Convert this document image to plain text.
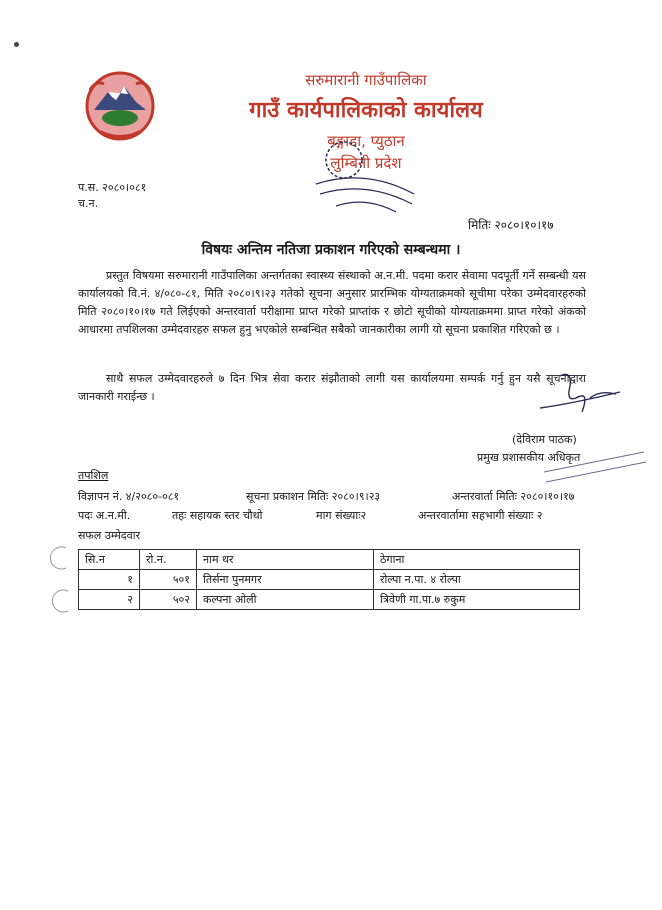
सरुमारानी गाउँपालिका
गाउँ कार्यपालिकाको कार्यालय
बङ्गाडा, प्युठान
लुम्बिनी प्रदेश
प.स. २०८०।०८१
च.न.
मितिः २०८०।१०।१७
विषयः अन्तिम नतिजा प्रकाशन गरिएको सम्बन्धमा ।
प्रस्तुत विषयमा सरुमारानी गाउँपालिका अन्तर्गतका स्वास्थ्य संस्थाको अ.न.मी. पदमा करार सेवामा पदपूर्ती गर्ने सम्बन्धी यस कार्यालयको वि.नं. ४/०८०-८१, मिति २०८०।९।२३ गतेको सूचना अनुसार प्रारम्भिक योग्यताक्रमको सूचीमा परेका उम्मेदवारहरुको मिति २०८०।१०।१७ गते लिईएको अन्तरवार्ता परीक्षामा प्राप्त गरेको प्राप्तांक र छोटो सूचीको योग्यताक्रममा प्राप्त गरेको अंकको आधारमा तपशिलका उम्मेदवारहरु सफल हुनु भएकोले सम्बन्धित सबैको जानकारीका लागी यो सूचना प्रकाशित गरिएको छ ।
साथै सफल उम्मेदवारहरुले ७ दिन भित्र सेवा करार संझौताको लागी यस कार्यालयमा सम्पर्क गर्नु हुन यसै सूचनाद्वारा जानकारी गराईन्छ ।
(देविराम पाठक)
प्रमुख प्रशासकीय अधिकृत
तपशिल
विज्ञापन नं. ४/२०८०-०८१	सूचना प्रकाशन मितिः २०८०।९।२३	अन्तरवार्ता मितिः २०८०।१०।१७
पदः अ.न.मी.	तहः सहायक स्तर चौथो	माग संख्याः२	अन्तरवार्तामा सहभागी संख्याः २
सफल उम्मेदवार
सि.न	रो.न.	नाम थर	ठेगाना
१	५०१	तिर्सना पुनमगर	रोल्पा न.पा. ४ रोल्पा
२	५०२	कल्पना ओली	त्रिवेणी गा.पा.७ रुकुम
